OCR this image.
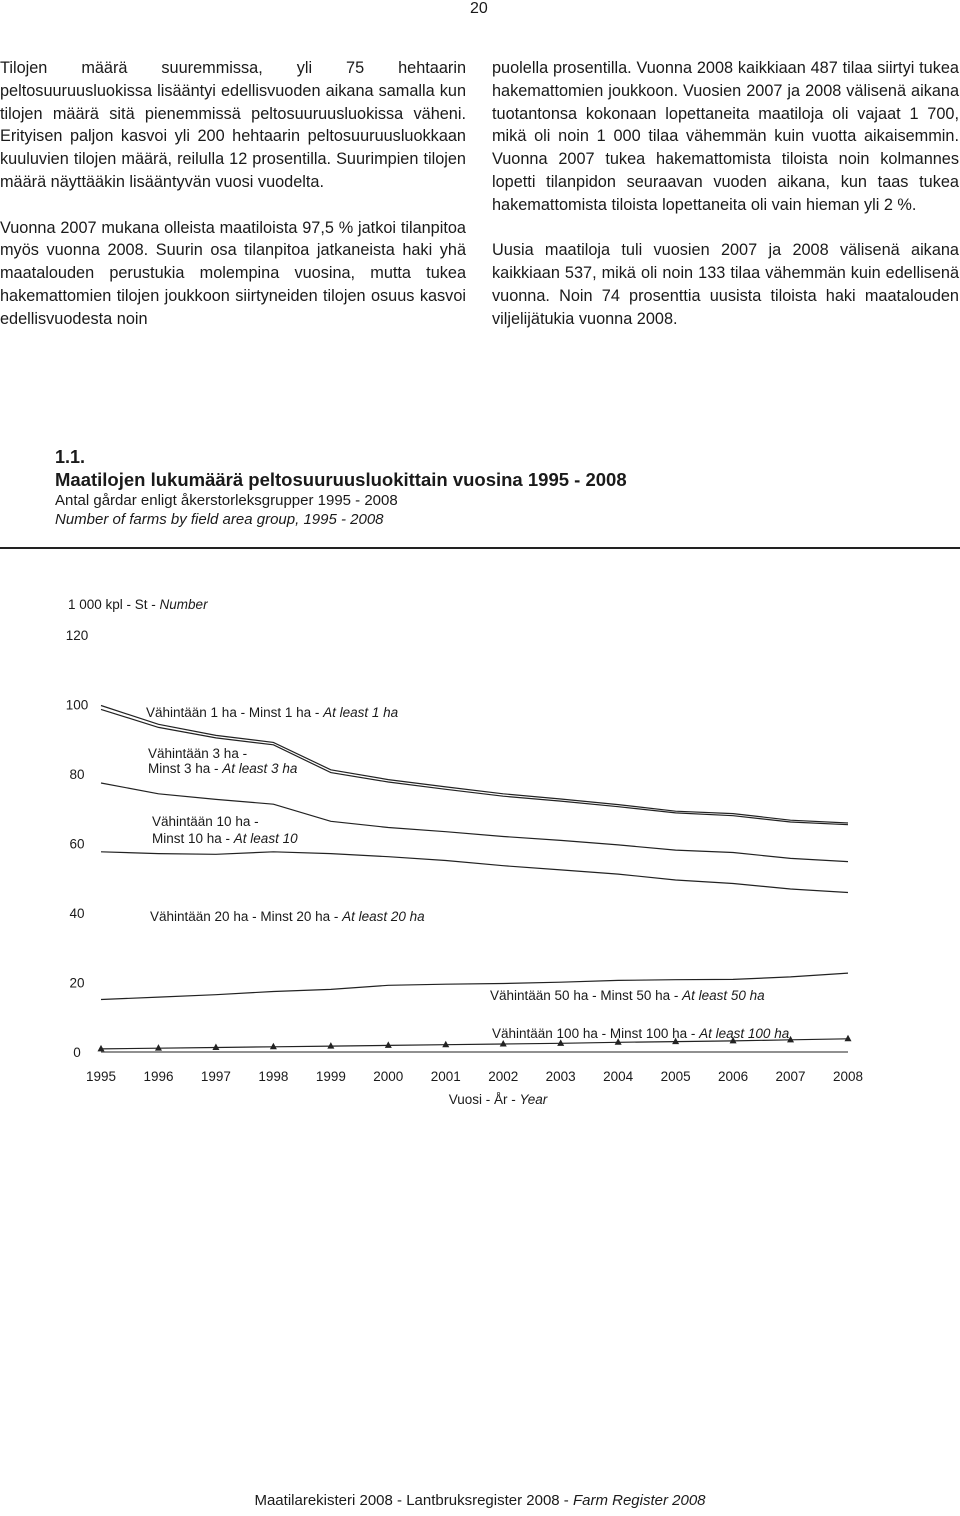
20

Tilojen määrä suuremmissa, yli 75 hehtaarin peltosuuruusluokissa lisääntyi edellisvuoden aikana samalla kun tilojen määrä sitä pienemmissä peltosuuruusluokissa väheni. Erityisen paljon kasvoi yli 200 hehtaarin peltosuuruusluokkaan kuuluvien tilojen määrä, reilulla 12 prosentilla. Suurimpien tilojen määrä näyttääkin lisääntyvän vuosi vuodelta.

Vuonna 2007 mukana olleista maatiloista 97,5 % jatkoi tilanpitoa myös vuonna 2008. Suurin osa tilanpitoa jatkaneista haki yhä maatalouden perustukia molempina vuosina, mutta tukea hakemattomien tilojen joukkoon siirtyneiden tilojen osuus kasvoi edellisvuodesta noin

puolella prosentilla. Vuonna 2008 kaikkiaan 487 tilaa siirtyi tukea hakemattomien joukkoon. Vuosien 2007 ja 2008 välisenä aikana tuotantonsa kokonaan lopettaneita maatiloja oli vajaat 1 700, mikä oli noin 1 000 tilaa vähemmän kuin vuotta aikaisemmin. Vuonna 2007 tukea hakemattomista tiloista noin kolmannes lopetti tilanpidon seuraavan vuoden aikana, kun taas tukea hakemattomista tiloista lopettaneita oli vain hieman yli 2 %.

Uusia maatiloja tuli vuosien 2007 ja 2008 välisenä aikana kaikkiaan 537, mikä oli noin 133 tilaa vähemmän kuin edellisenä vuonna. Noin 74 prosenttia uusista tiloista haki maatalouden viljelijätukia vuonna 2008.

1.1.
Maatilojen lukumäärä peltosuuruusluokittain vuosina 1995 - 2008
Antal gårdar enligt åkerstorleksgrupper 1995 - 2008
Number of farms by field area group, 1995 - 2008
1 000 kpl - St - Number
0
20
40
60
80
100
120
1995 1996 1997 1998 1999 2000 2001 2002 2003 2004 2005 2006 2007 2008
Vuosi - År - Year
Vähintään 1 ha - Minst 1 ha - At least 1 ha
Vähintään 3 ha -
Minst 3 ha - At least 3 ha
Vähintään 10 ha -
Minst 10 ha - At least 10
Vähintään 20 ha - Minst 20 ha - At least 20 ha
Vähintään 50 ha - Minst 50 ha - At least 50 ha
Vähintään 100 ha - Minst 100 ha - At least 100 ha
Maatilarekisteri 2008 - Lantbruksregister 2008 - Farm Register 2008
